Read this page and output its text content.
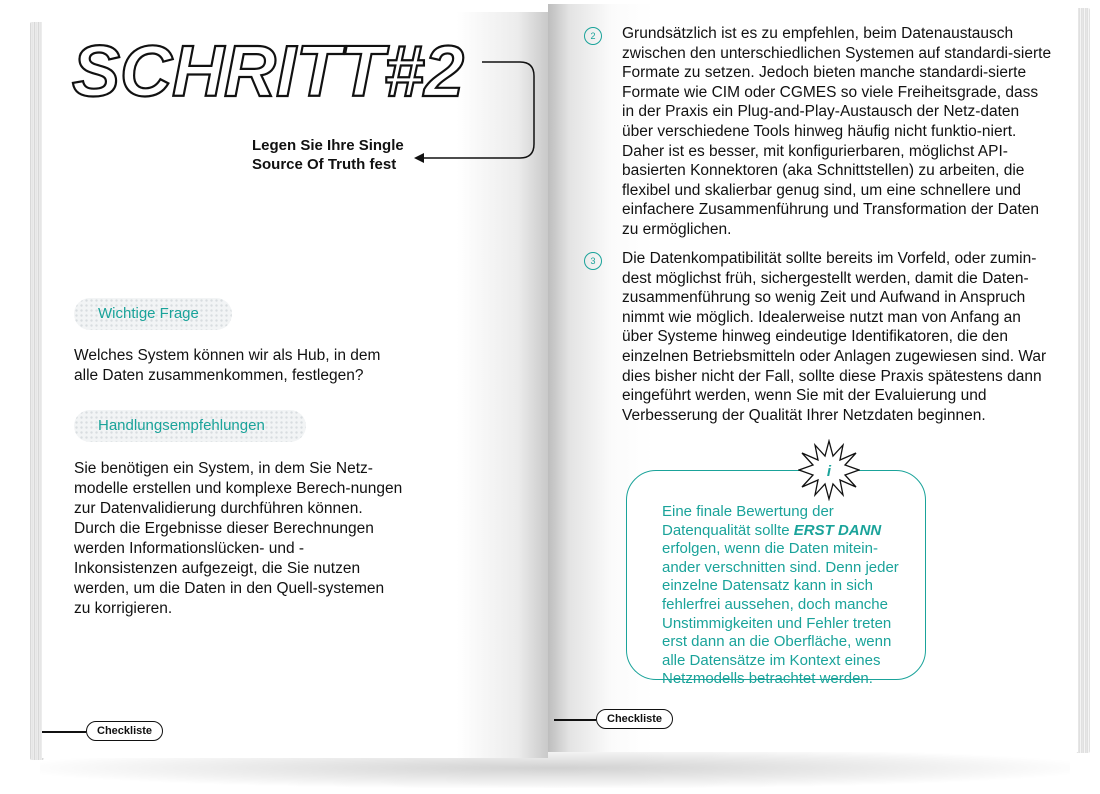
SCHRITT#2
Legen Sie Ihre Single Source Of Truth fest
Wichtige Frage
Welches System können wir als Hub, in dem alle Daten zusammenkommen, festlegen?
Handlungsempfehlungen
Sie benötigen ein System, in dem Sie Netz-modelle erstellen und komplexe Berech-nungen zur Datenvalidierung durchführen können. Durch die Ergebnisse dieser Berechnungen werden Informationslücken- und -Inkonsistenzen aufgezeigt, die Sie nutzen werden, um die Daten in den Quell-systemen zu korrigieren.
Checkliste
2	Grundsätzlich ist es zu empfehlen, beim Datenaustausch zwischen den unterschiedlichen Systemen auf standardi-sierte Formate zu setzen. Jedoch bieten manche standardi-sierte Formate wie CIM oder CGMES so viele Freiheitsgrade, dass in der Praxis ein Plug-and-Play-Austausch der Netz-daten über verschiedene Tools hinweg häufig nicht funktio-niert. Daher ist es besser, mit konfigurierbaren, möglichst API-basierten Konnektoren (aka Schnittstellen) zu arbeiten, die flexibel und skalierbar genug sind, um eine schnellere und einfachere Zusammenführung und Transformation der Daten zu ermöglichen.
3	Die Datenkompatibilität sollte bereits im Vorfeld, oder zumin-dest möglichst früh, sichergestellt werden, damit die Daten-zusammenführung so wenig Zeit und Aufwand in Anspruch nimmt wie möglich. Idealerweise nutzt man von Anfang an über Systeme hinweg eindeutige Identifikatoren, die den einzelnen Betriebsmitteln oder Anlagen zugewiesen sind. War dies bisher nicht der Fall, sollte diese Praxis spätestens dann eingeführt werden, wenn Sie mit der Evaluierung und Verbesserung der Qualität Ihrer Netzdaten beginnen.
Eine finale Bewertung der Datenqualität sollte ERST DANN erfolgen, wenn die Daten mitein-ander verschnitten sind. Denn jeder einzelne Datensatz kann in sich fehlerfrei aussehen, doch manche Unstimmigkeiten und Fehler treten erst dann an die Oberfläche, wenn alle Datensätze im Kontext eines Netzmodells betrachtet werden.
i
Checkliste
